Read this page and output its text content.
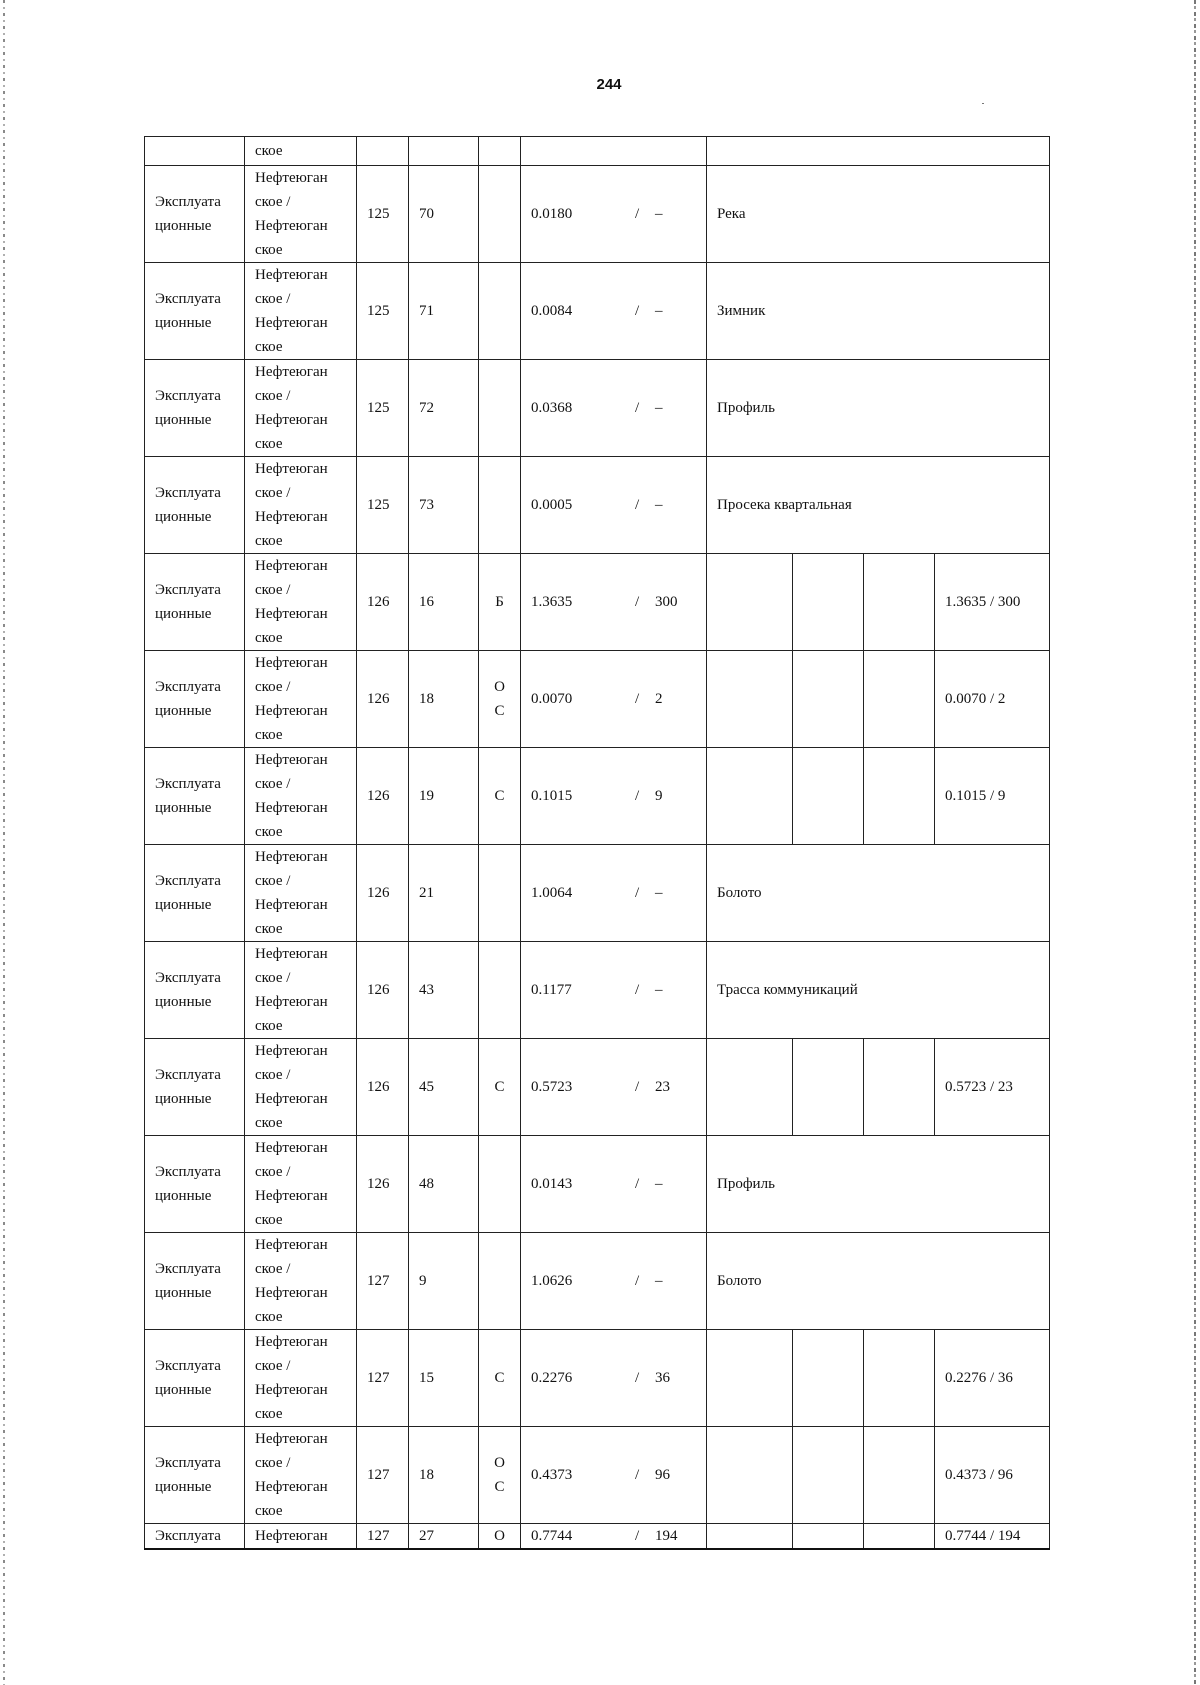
244
	ское								
Эксплуата
ционные	Нефтеюган
ское /
Нефтеюган
ское	125	70		0.0180 / –	Река			
Эксплуата
ционные	Нефтеюган
ское /
Нефтеюган
ское	125	71		0.0084 / –	Зимник			
Эксплуата
ционные	Нефтеюган
ское /
Нефтеюган
ское	125	72		0.0368 / –	Профиль			
Эксплуата
ционные	Нефтеюган
ское /
Нефтеюган
ское	125	73		0.0005 / –	Просека квартальная			
Эксплуата
ционные	Нефтеюган
ское /
Нефтеюган
ское	126	16	Б	1.3635 / 300				1.3635 / 300
Эксплуата
ционные	Нефтеюган
ское /
Нефтеюган
ское	126	18	О
С	0.0070 / 2				0.0070 / 2
Эксплуата
ционные	Нефтеюган
ское /
Нефтеюган
ское	126	19	С	0.1015 / 9				0.1015 / 9
Эксплуата
ционные	Нефтеюган
ское /
Нефтеюган
ское	126	21		1.0064 / –	Болото			
Эксплуата
ционные	Нефтеюган
ское /
Нефтеюган
ское	126	43		0.1177 / –	Трасса коммуникаций			
Эксплуата
ционные	Нефтеюган
ское /
Нефтеюган
ское	126	45	С	0.5723 / 23				0.5723 / 23
Эксплуата
ционные	Нефтеюган
ское /
Нефтеюган
ское	126	48		0.0143 / –	Профиль			
Эксплуата
ционные	Нефтеюган
ское /
Нефтеюган
ское	127	9		1.0626 / –	Болото			
Эксплуата
ционные	Нефтеюган
ское /
Нефтеюган
ское	127	15	С	0.2276 / 36				0.2276 / 36
Эксплуата
ционные	Нефтеюган
ское /
Нефтеюган
ское	127	18	О
С	0.4373 / 96				0.4373 / 96
Эксплуата	Нефтеюган	127	27	О	0.7744 / 194				0.7744 / 194
